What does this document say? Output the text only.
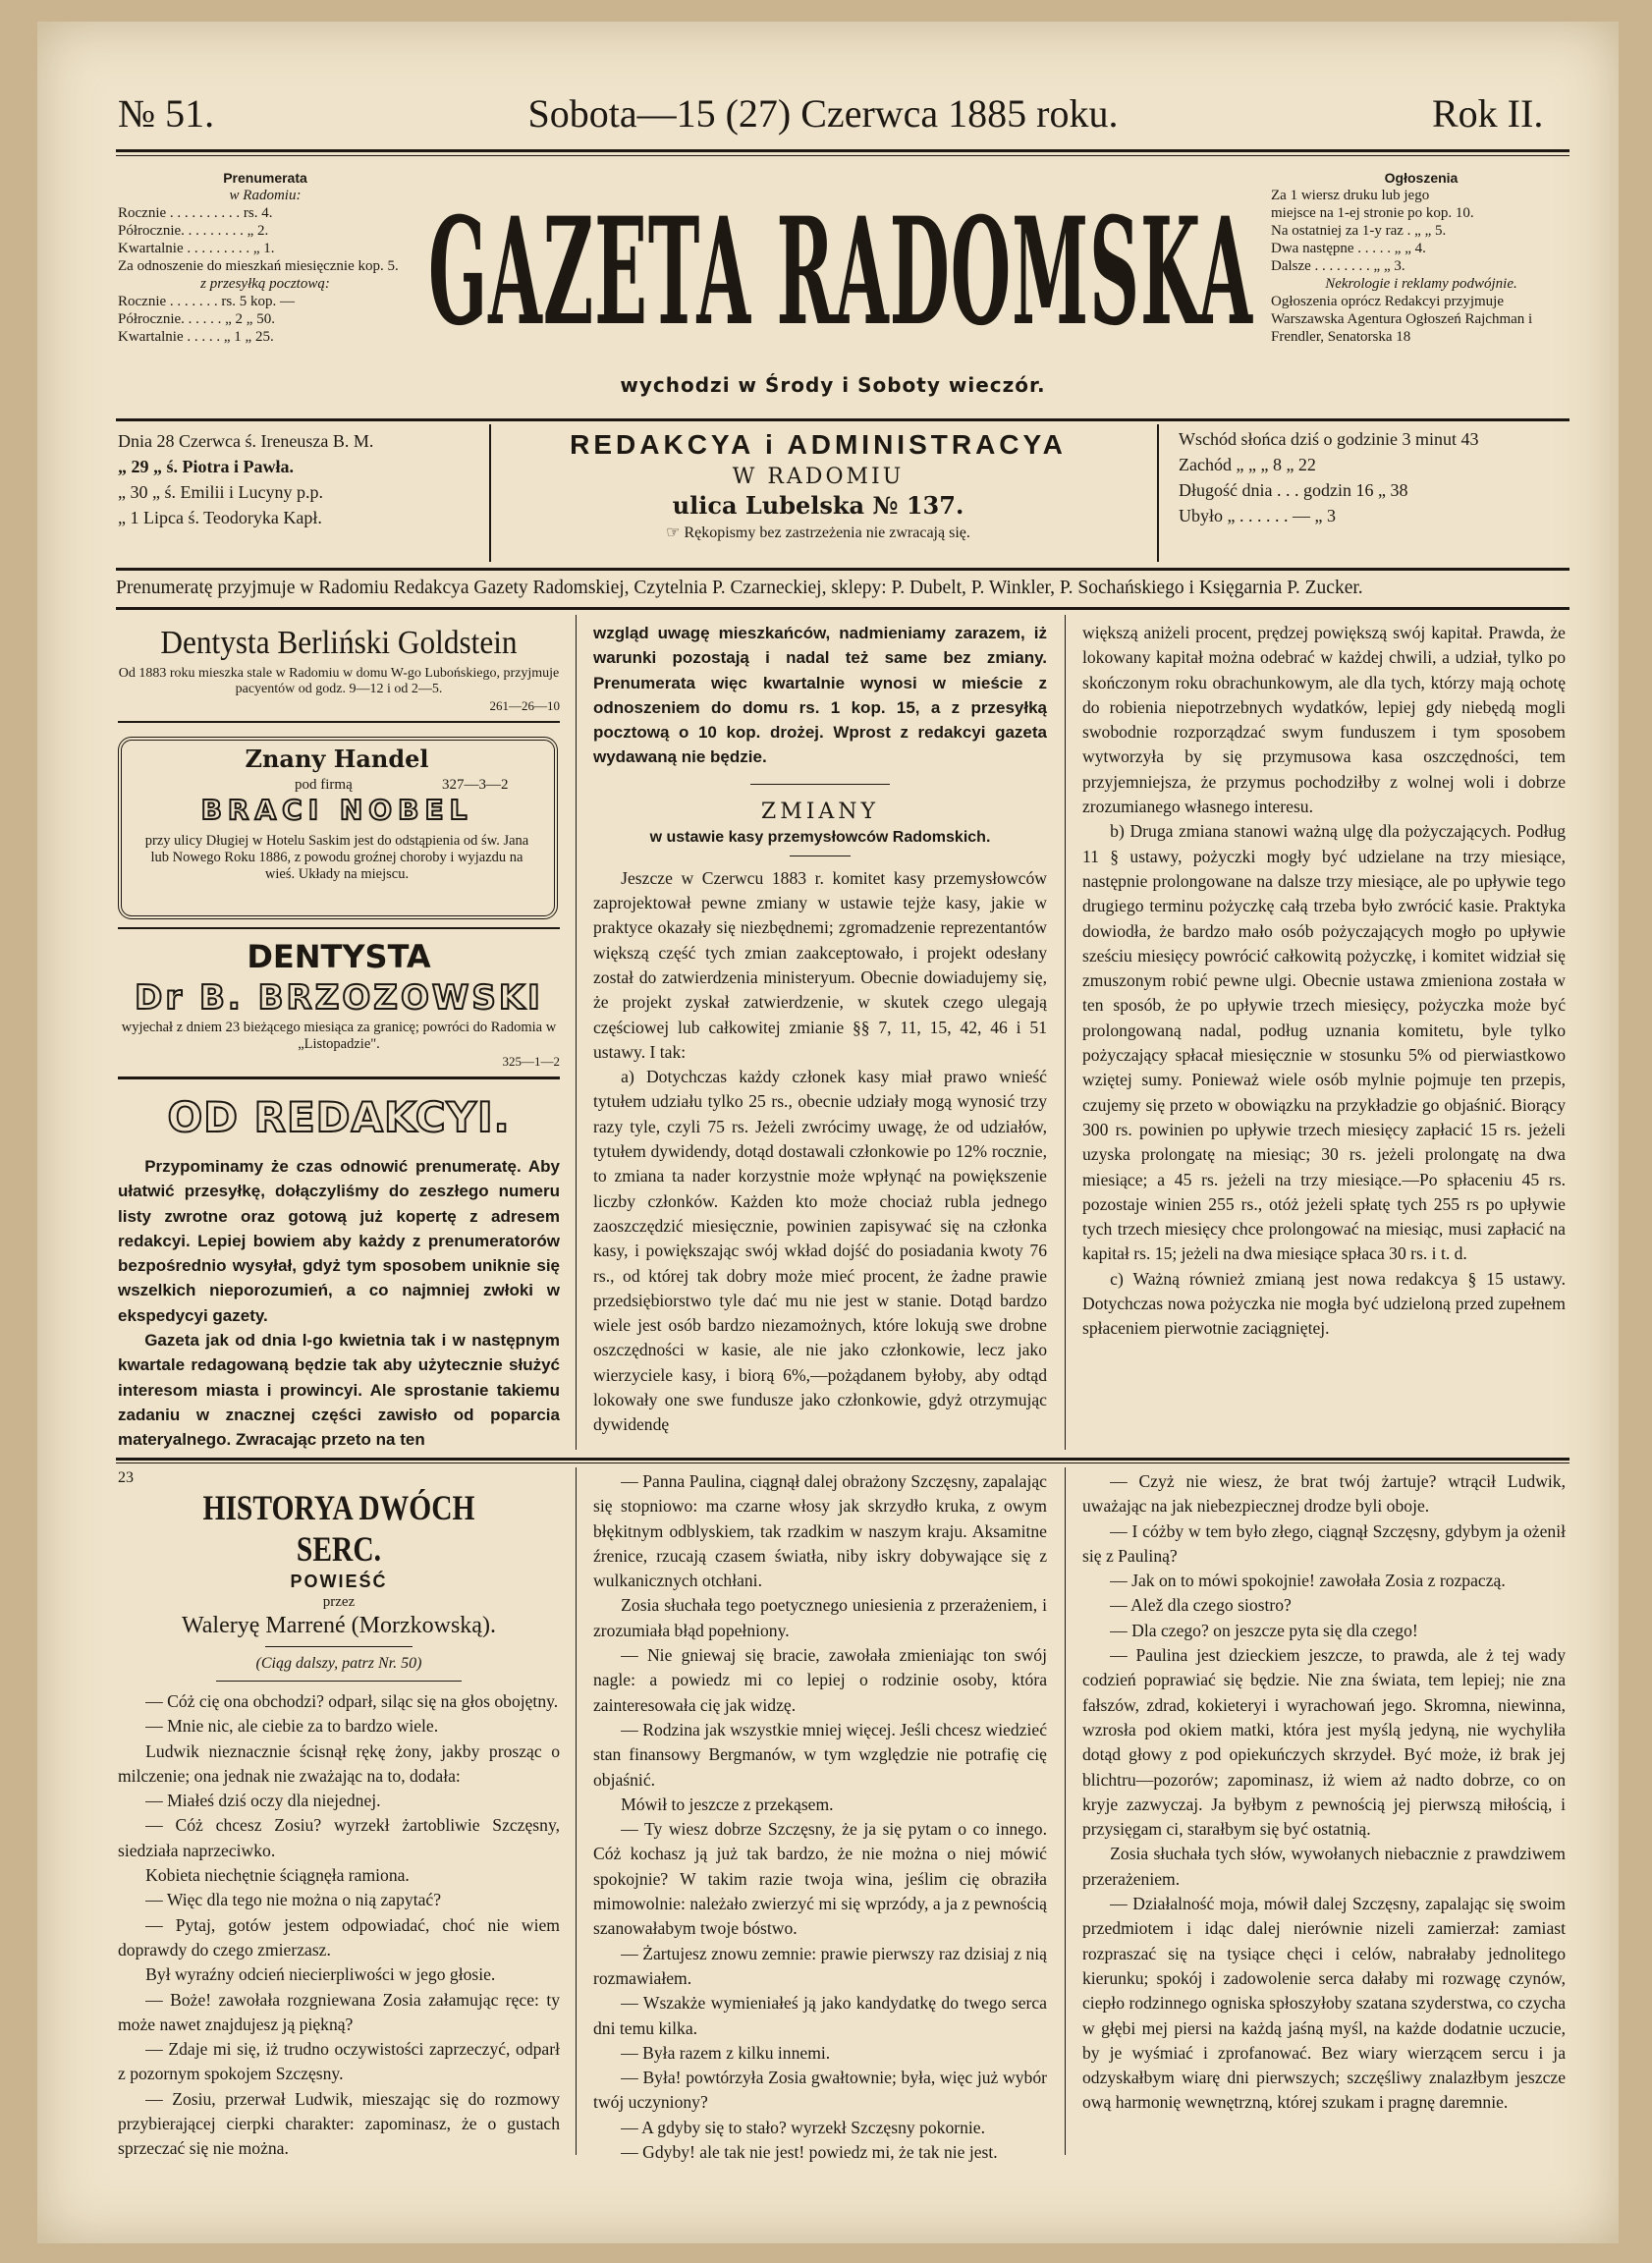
№ 51.	Sobota—15 (27) Czerwca 1885 roku.	Rok II.
Prenumerata
w Radomiu:
Rocznie . . . . . . . . . . rs. 4.
Półrocznie. . . . . . . . . „ 2.
Kwartalnie . . . . . . . . . „ 1.
Za odnoszenie do mieszkań miesięcznie kop. 5.
z przesyłką pocztową:
Rocznie . . . . . . . rs. 5 kop. —
Półrocznie. . . . . . „ 2 „ 50.
Kwartalnie . . . . . „ 1 „ 25.	GAZETA RADOMSKA
wychodzi w Środy i Soboty wieczór.
Ogłoszenia
Za 1 wiersz druku lub jego
miejsce na 1-ej stronie po kop. 10.
Na ostatniej za 1-y raz . „ „ 5.
Dwa następne . . . . . „ „ 4.
Dalsze . . . . . . . . „ „ 3.
Nekrologie i reklamy podwójnie.
Ogłoszenia oprócz Redakcyi przyjmuje Warszawska Agentura Ogłoszeń Rajchman i Frendler, Senatorska 18
Dnia 28 Czerwca ś. Ireneusza B. M.
„ 29 „ ś. Piotra i Pawła.
„ 30 „ ś. Emilii i Lucyny p.p.
„ 1 Lipca ś. Teodoryka Kapł.
REDAKCYA i ADMINISTRACYA
W RADOMIU
ulica Lubelska № 137.
☞ Rękopismy bez zastrzeżenia nie zwracają się.
Wschód słońca dziś o godzinie 3 minut 43
Zachód „ „ „ 8 „ 22
Długość dnia . . . godzin 16 „ 38
Ubyło „ . . . . . . — „ 3
Prenumeratę przyjmuje w Radomiu Redakcya Gazety Radomskiej, Czytelnia P. Czarneckiej, sklepy: P. Dubelt, P. Winkler, P. Sochańskiego i Księgarnia P. Zucker.
Dentysta Berliński Goldstein
Od 1883 roku mieszka stale w Radomiu w domu W-go Lubońskiego, przyjmuje pacyentów od godz. 9—12 i od 2—5.
261—26—10
Znany Handel
pod firmą	327—3—2
BRACI NOBEL
przy ulicy Długiej w Hotelu Saskim jest do odstąpienia od św. Jana lub Nowego Roku 1886, z powodu groźnej choroby i wyjazdu na wieś. Układy na miejscu.
DENTYSTA
Dr B. BRZOZOWSKI
wyjechał z dniem 23 bieżącego miesiąca za granicę; powróci do Radomia w „Listopadzie".
325—1—2
OD REDAKCYI.

Przypominamy że czas odnowić prenumeratę. Aby ułatwić przesyłkę, dołączyliśmy do zeszłego numeru listy zwrotne oraz gotową już kopertę z adresem redakcyi. Lepiej bowiem aby każdy z prenumeratorów bezpośrednio wysyłał, gdyż tym sposobem uniknie się wszelkich nieporozumień, a co najmniej zwłoki w ekspedycyi gazety.

Gazeta jak od dnia l-go kwietnia tak i w następnym kwartale redagowaną będzie tak aby użytecznie służyć interesom miasta i prowincyi. Ale sprostanie takiemu zadaniu w znacznej części zawisło od poparcia materyalnego. Zwracając przeto na ten

wzgląd uwagę mieszkańców, nadmieniamy zarazem, iż warunki pozostają i nadal też same bez zmiany. Prenumerata więc kwartalnie wynosi w mieście z odnoszeniem do domu rs. 1 kop. 15, a z przesyłką pocztową o 10 kop. drożej. Wprost z redakcyi gazeta wydawaną nie będzie.
ZMIANY
w ustawie kasy przemysłowców Radomskich.

Jeszcze w Czerwcu 1883 r. komitet kasy przemysłowców zaprojektował pewne zmiany w ustawie tejże kasy, jakie w praktyce okazały się niezbędnemi; zgromadzenie reprezentantów większą część tych zmian zaakceptowało, i projekt odesłany został do zatwierdzenia ministeryum. Obecnie dowiadujemy się, że projekt zyskał zatwierdzenie, w skutek czego ulegają częściowej lub całkowitej zmianie §§ 7, 11, 15, 42, 46 i 51 ustawy. I tak:

a) Dotychczas każdy członek kasy miał prawo wnieść tytułem udziału tylko 25 rs., obecnie udziały mogą wynosić trzy razy tyle, czyli 75 rs. Jeżeli zwrócimy uwagę, że od udziałów, tytułem dywidendy, dotąd dostawali członkowie po 12% rocznie, to zmiana ta nader korzystnie może wpłynąć na powiększenie liczby członków. Każden kto może chociaż rubla jednego zaoszczędzić miesięcznie, powinien zapisywać się na członka kasy, i powiększając swój wkład dojść do posiadania kwoty 76 rs., od której tak dobry może mieć procent, że żadne prawie przedsiębiorstwo tyle dać mu nie jest w stanie. Dotąd bardzo wiele jest osób bardzo niezamożnych, które lokują swe drobne oszczędności w kasie, ale nie jako członkowie, lecz jako wierzyciele kasy, i biorą 6%,—pożądanem byłoby, aby odtąd lokowały one swe fundusze jako członkowie, gdyż otrzymując dywidendę

większą aniżeli procent, prędzej powiększą swój kapitał. Prawda, że lokowany kapitał można odebrać w każdej chwili, a udział, tylko po skończonym roku obrachunkowym, ale dla tych, którzy mają ochotę do robienia niepotrzebnych wydatków, lepiej gdy niebędą mogli swobodnie rozporządzać swym funduszem i tym sposobem wytworzyła by się przymusowa kasa oszczędności, tem przyjemniejsza, że przymus pochodziłby z wolnej woli i dobrze zrozumianego własnego interesu.

b) Druga zmiana stanowi ważną ulgę dla pożyczających. Podług 11 § ustawy, pożyczki mogły być udzielane na trzy miesiące, następnie prolongowane na dalsze trzy miesiące, ale po upływie tego drugiego terminu pożyczkę całą trzeba było zwrócić kasie. Praktyka dowiodła, że bardzo mało osób pożyczających mogło po upływie sześciu miesięcy powrócić całkowitą pożyczkę, i komitet widział się zmuszonym robić pewne ulgi. Obecnie ustawa zmieniona została w ten sposób, że po upływie trzech miesięcy, pożyczka może być prolongowaną nadal, podług uznania komitetu, byle tylko pożyczający spłacał miesięcznie w stosunku 5% od pierwiastkowo wziętej sumy. Ponieważ wiele osób mylnie pojmuje ten przepis, czujemy się przeto w obowiązku na przykładzie go objaśnić. Biorący 300 rs. powinien po upływie trzech miesięcy zapłacić 15 rs. jeżeli uzyska prolongatę na miesiąc; 30 rs. jeżeli prolongatę na dwa miesiące; a 45 rs. jeżeli na trzy miesiące.—Po spłaceniu 45 rs. pozostaje winien 255 rs., otóż jeżeli spłatę tych 255 rs po upływie tych trzech miesięcy chce prolongować na miesiąc, musi zapłacić na kapitał rs. 15; jeżeli na dwa miesiące spłaca 30 rs. i t. d.

c) Ważną również zmianą jest nowa redakcya § 15 ustawy. Dotychczas nowa pożyczka nie mogła być udzieloną przed zupełnem spłaceniem pierwotnie zaciągniętej.

23
HISTORYA DWÓCH SERC.
POWIEŚĆ
przez
Waleryę Marrené (Morzkowską).
(Ciąg dalszy, patrz Nr. 50)

— Cóż cię ona obchodzi? odparł, siląc się na głos obojętny.

— Mnie nic, ale ciebie za to bardzo wiele.

Ludwik nieznacznie ścisnął rękę żony, jakby prosząc o milczenie; ona jednak nie zważając na to, dodała:

— Miałeś dziś oczy dla niejednej.

— Cóż chcesz Zosiu? wyrzekł żartobliwie Szczęsny, siedziała naprzeciwko.

Kobieta niechętnie ściągnęła ramiona.

— Więc dla tego nie można o nią zapytać?

— Pytaj, gotów jestem odpowiadać, choć nie wiem doprawdy do czego zmierzasz.

Był wyraźny odcień niecierpliwości w jego głosie.

— Boże! zawołała rozgniewana Zosia załamując ręce: ty może nawet znajdujesz ją piękną?

— Zdaje mi się, iż trudno oczywistości zaprzeczyć, odparł z pozornym spokojem Szczęsny.

— Zosiu, przerwał Ludwik, mieszając się do rozmowy przybierającej cierpki charakter: zapominasz, że o gustach sprzeczać się nie można.

— Panna Paulina, ciągnął dalej obrażony Szczęsny, zapalając się stopniowo: ma czarne włosy jak skrzydło kruka, z owym błękitnym odblyskiem, tak rzadkim w naszym kraju. Aksamitne źrenice, rzucają czasem światła, niby iskry dobywające się z wulkanicznych otchłani.

Zosia słuchała tego poetycznego uniesienia z przerażeniem, i zrozumiała błąd popełniony.

— Nie gniewaj się bracie, zawołała zmieniając ton swój nagle: a powiedz mi co lepiej o rodzinie osoby, która zainteresowała cię jak widzę.

— Rodzina jak wszystkie mniej więcej. Jeśli chcesz wiedzieć stan finansowy Bergmanów, w tym względzie nie potrafię cię objaśnić.

Mówił to jeszcze z przekąsem.

— Ty wiesz dobrze Szczęsny, że ja się pytam o co innego. Cóż kochasz ją już tak bardzo, że nie można o niej mówić spokojnie? W takim razie twoja wina, jeślim cię obraziła mimowolnie: należało zwierzyć mi się wprzódy, a ja z pewnością szanowałabym twoje bóstwo.

— Żartujesz znowu zemnie: prawie pierwszy raz dzisiaj z nią rozmawiałem.

— Wszakże wymieniałeś ją jako kandydatkę do twego serca dni temu kilka.

— Była razem z kilku innemi.

— Była! powtórzyła Zosia gwałtownie; była, więc już wybór twój uczyniony?

— A gdyby się to stało? wyrzekł Szczęsny pokornie.

— Gdyby! ale tak nie jest! powiedz mi, że tak nie jest.

— Czyż nie wiesz, że brat twój żartuje? wtrącił Ludwik, uważając na jak niebezpiecznej drodze byli oboje.

— I cóżby w tem było złego, ciągnął Szczęsny, gdybym ja ożenił się z Pauliną?

— Jak on to mówi spokojnie! zawołała Zosia z rozpaczą.

— Alež dla czego siostro?

— Dla czego? on jeszcze pyta się dla czego!

— Paulina jest dzieckiem jeszcze, to prawda, ale ż tej wady codzień poprawiać się będzie. Nie zna świata, tem lepiej; nie zna fałszów, zdrad, kokieteryi i wyrachowań jego. Skromna, niewinna, wzrosła pod okiem matki, która jest myślą jedyną, nie wychyliła dotąd głowy z pod opiekuńczych skrzydeł. Być może, iż brak jej blichtru—pozorów; zapominasz, iż wiem aż nadto dobrze, co on kryje zazwyczaj. Ja byłbym z pewnością jej pierwszą miłością, i przysięgam ci, starałbym się być ostatnią.

Zosia słuchała tych słów, wywołanych niebacznie z prawdziwem przerażeniem.

— Działalność moja, mówił dalej Szczęsny, zapalając się swoim przedmiotem i idąc dalej nierównie nizeli zamierzał: zamiast rozpraszać się na tysiące chęci i celów, nabrałaby jednolitego kierunku; spokój i zadowolenie serca dałaby mi rozwagę czynów, ciepło rodzinnego ogniska spłoszyłoby szatana szyderstwa, co czycha w głębi mej piersi na każdą jaśną myśl, na każde dodatnie uczucie, by je wyśmiać i zprofanować. Bez wiary wierzącem sercu i ja odzyskałbym wiarę dni pierwszych; szczęśliwy znalazłbym jeszcze ową harmonię wewnętrzną, której szukam i pragnę daremnie.
